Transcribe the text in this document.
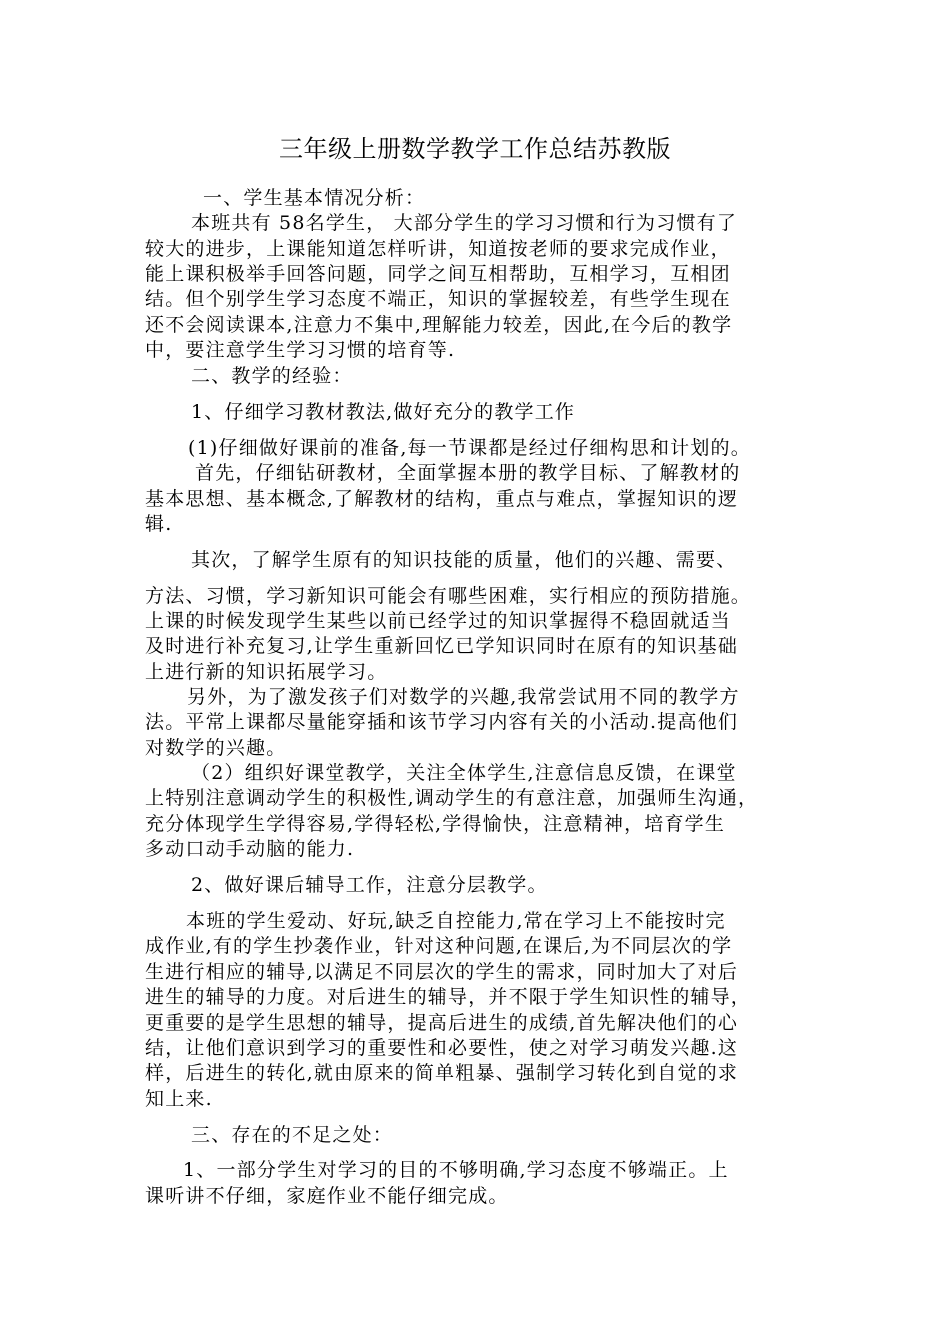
三年级上册数学教学工作总结苏教版
一、学生基本情况分析：
本班共有 58名学生， 大部分学生的学习习惯和行为习惯有了
较大的进步，上课能知道怎样听讲，知道按老师的要求完成作业，
能上课积极举手回答问题，同学之间互相帮助，互相学习，互相团
结。但个别学生学习态度不端正，知识的掌握较差，有些学生现在
还不会阅读课本,注意力不集中,理解能力较差，因此,在今后的教学
中，要注意学生学习习惯的培育等.
二、教学的经验：
1、仔细学习教材教法,做好充分的教学工作
(1)仔细做好课前的准备,每一节课都是经过仔细构思和计划的。
首先，仔细钻研教材，全面掌握本册的教学目标、了解教材的
基本思想、基本概念,了解教材的结构，重点与难点，掌握知识的逻
辑.
其次，了解学生原有的知识技能的质量，他们的兴趣、需要、
方法、习惯，学习新知识可能会有哪些困难，实行相应的预防措施。
上课的时候发现学生某些以前已经学过的知识掌握得不稳固就适当
及时进行补充复习,让学生重新回忆已学知识同时在原有的知识基础
上进行新的知识拓展学习。
另外，为了激发孩子们对数学的兴趣,我常尝试用不同的教学方
法。平常上课都尽量能穿插和该节学习内容有关的小活动.提高他们
对数学的兴趣。
（2）组织好课堂教学，关注全体学生,注意信息反馈，在课堂
上特别注意调动学生的积极性,调动学生的有意注意，加强师生沟通，
充分体现学生学得容易,学得轻松,学得愉快，注意精神，培育学生
多动口动手动脑的能力.
2、做好课后辅导工作，注意分层教学。
本班的学生爱动、好玩,缺乏自控能力,常在学习上不能按时完
成作业,有的学生抄袭作业，针对这种问题,在课后,为不同层次的学
生进行相应的辅导,以满足不同层次的学生的需求，同时加大了对后
进生的辅导的力度。对后进生的辅导，并不限于学生知识性的辅导，
更重要的是学生思想的辅导，提高后进生的成绩,首先解决他们的心
结，让他们意识到学习的重要性和必要性，使之对学习萌发兴趣.这
样，后进生的转化,就由原来的简单粗暴、强制学习转化到自觉的求
知上来.
三、存在的不足之处：
1、一部分学生对学习的目的不够明确,学习态度不够端正。上
课听讲不仔细，家庭作业不能仔细完成。
